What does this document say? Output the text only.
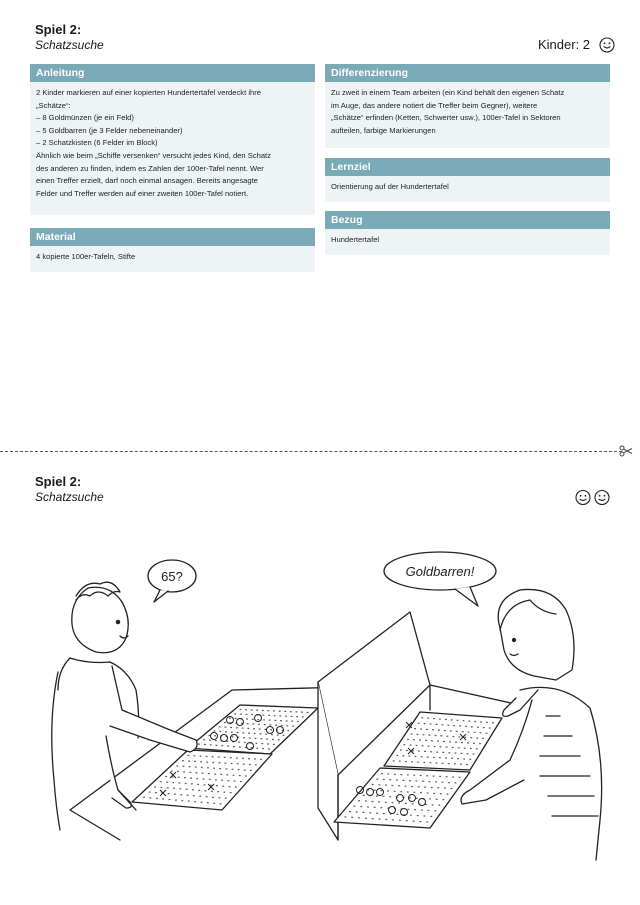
Spiel 2:
Schatzsuche	Kinder: 2
Anleitung
2 Kinder markieren auf einer kopierten Hundertertafel verdeckt ihre
„Schätze“:
– 8 Goldmünzen (je ein Feld)
– 5 Goldbarren (je 3 Felder nebeneinander)
– 2 Schatzkisten (6 Felder im Block)
Ähnlich wie beim „Schiffe versenken“ versucht jedes Kind, den Schatz
des anderen zu finden, indem es Zahlen der 100er-Tafel nennt. Wer
einen Treffer erzielt, darf noch einmal ansagen. Bereits angesagte
Felder und Treffer werden auf einer zweiten 100er-Tafel notiert.
Material
4 kopierte 100er-Tafeln, Stifte
Differenzierung
Zu zweit in einem Team arbeiten (ein Kind behält den eigenen Schatz
im Auge, das andere notiert die Treffer beim Gegner), weitere
„Schätze“ erfinden (Ketten, Schwerter usw.), 100er-Tafel in Sektoren
aufteilen, farbige Markierungen
Lernziel
Orientierung auf der Hundertertafel
Bezug
Hundertertafel
Spiel 2:
Schatzsuche
65?	Goldbarren!
